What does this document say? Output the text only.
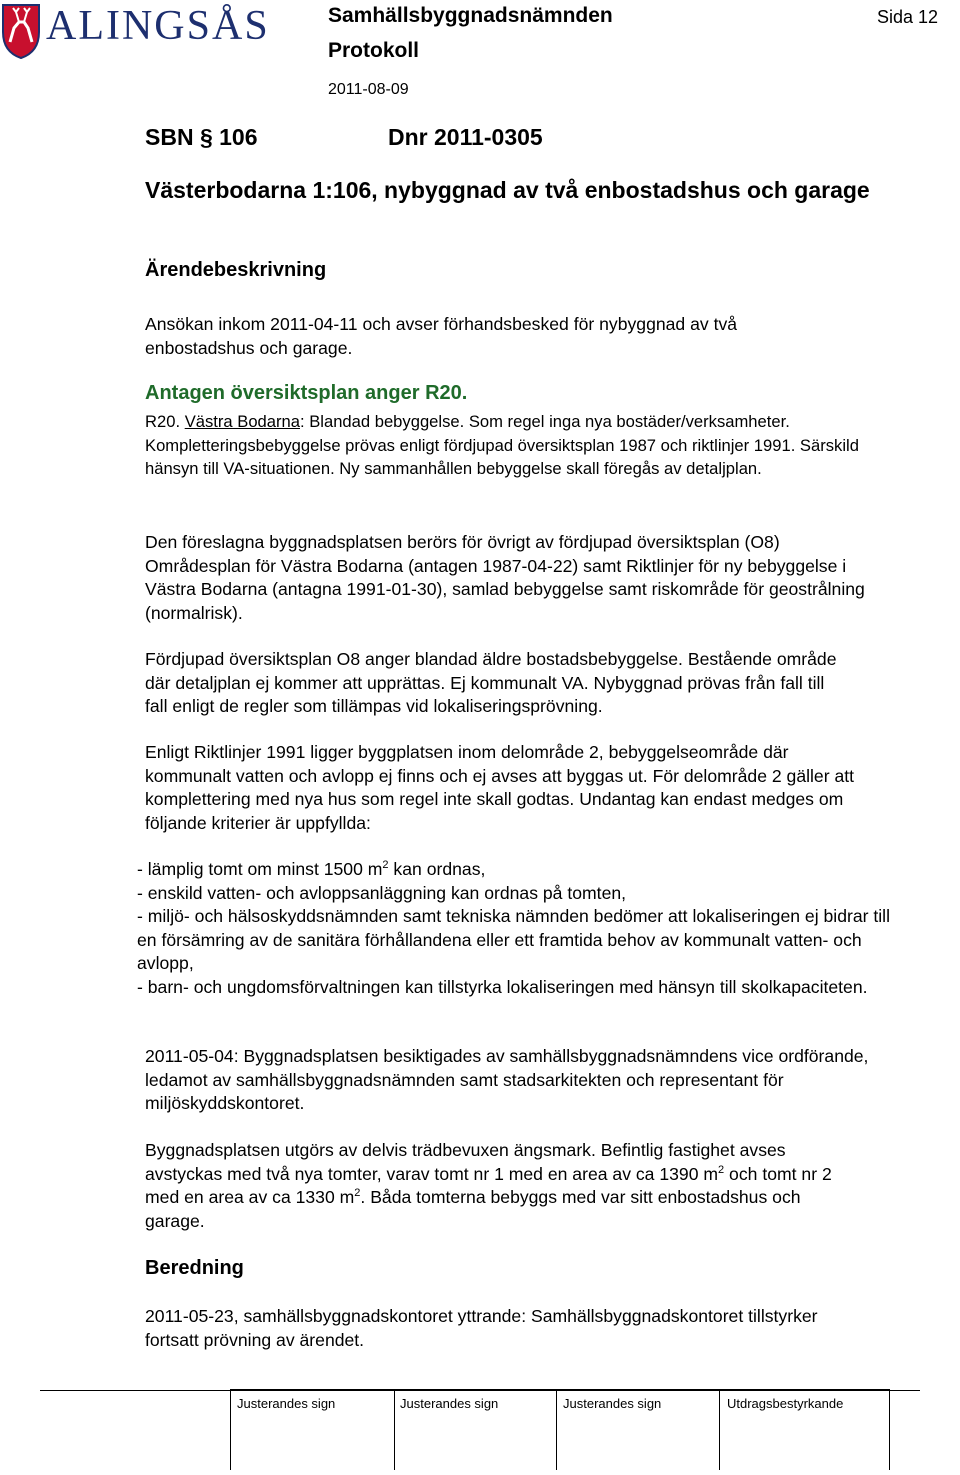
ALINGSÅS	Samhällsbyggnadsnämnden
Protokoll
2011-08-09
Sida 12
SBN § 106	Dnr 2011-0305
Västerbodarna 1:106, nybyggnad av två enbostadshus och garage
Ärendebeskrivning
Ansökan inkom 2011-04-11 och avser förhandsbesked för nybyggnad av två enbostadshus och garage.
Antagen översiktsplan anger R20.
R20. Västra Bodarna: Blandad bebyggelse. Som regel inga nya bostäder/verksamheter. Kompletteringsbebyggelse prövas enligt fördjupad översiktsplan 1987 och riktlinjer 1991. Särskild hänsyn till VA-situationen. Ny sammanhållen bebyggelse skall föregås av detaljplan.
Den föreslagna byggnadsplatsen berörs för övrigt av fördjupad översiktsplan (O8) Områdesplan för Västra Bodarna (antagen 1987-04-22) samt Riktlinjer för ny bebyggelse i Västra Bodarna (antagna 1991-01-30), samlad bebyggelse samt riskområde för geostrålning (normalrisk).
Fördjupad översiktsplan O8 anger blandad äldre bostadsbebyggelse. Bestående område där detaljplan ej kommer att upprättas. Ej kommunalt VA. Nybyggnad prövas från fall till fall enligt de regler som tillämpas vid lokaliseringsprövning.
Enligt Riktlinjer 1991 ligger byggplatsen inom delområde 2, bebyggelseområde där kommunalt vatten och avlopp ej finns och ej avses att byggas ut. För delområde 2 gäller att komplettering med nya hus som regel inte skall godtas. Undantag kan endast medges om följande kriterier är uppfyllda:
- lämplig tomt om minst 1500 $m^2$ kan ordnas,
- enskild vatten- och avloppsanläggning kan ordnas på tomten,
- miljö- och hälsoskyddsnämnden samt tekniska nämnden bedömer att lokaliseringen ej bidrar till en försämring av de sanitära förhållandena eller ett framtida behov av kommunalt vatten- och avlopp,
- barn- och ungdomsförvaltningen kan tillstyrka lokaliseringen med hänsyn till skolkapaciteten.
2011-05-04: Byggnadsplatsen besiktigades av samhällsbyggnadsnämndens vice ordförande, ledamot av samhällsbyggnadsnämnden samt stadsarkitekten och representant för miljöskyddskontoret.
Byggnadsplatsen utgörs av delvis trädbevuxen ängsmark. Befintlig fastighet avses avstyckas med två nya tomter, varav tomt nr 1 med en area av ca 1390 $m^2$ och tomt nr 2 med en area av ca 1330 $m^2$. Båda tomterna bebyggs med var sitt enbostadshus och garage.
Beredning
2011-05-23, samhällsbyggnadskontoret yttrande: Samhällsbyggnadskontoret tillstyrker fortsatt prövning av ärendet.
Justerandes sign	Justerandes sign	Justerandes sign	Utdragsbestyrkande
